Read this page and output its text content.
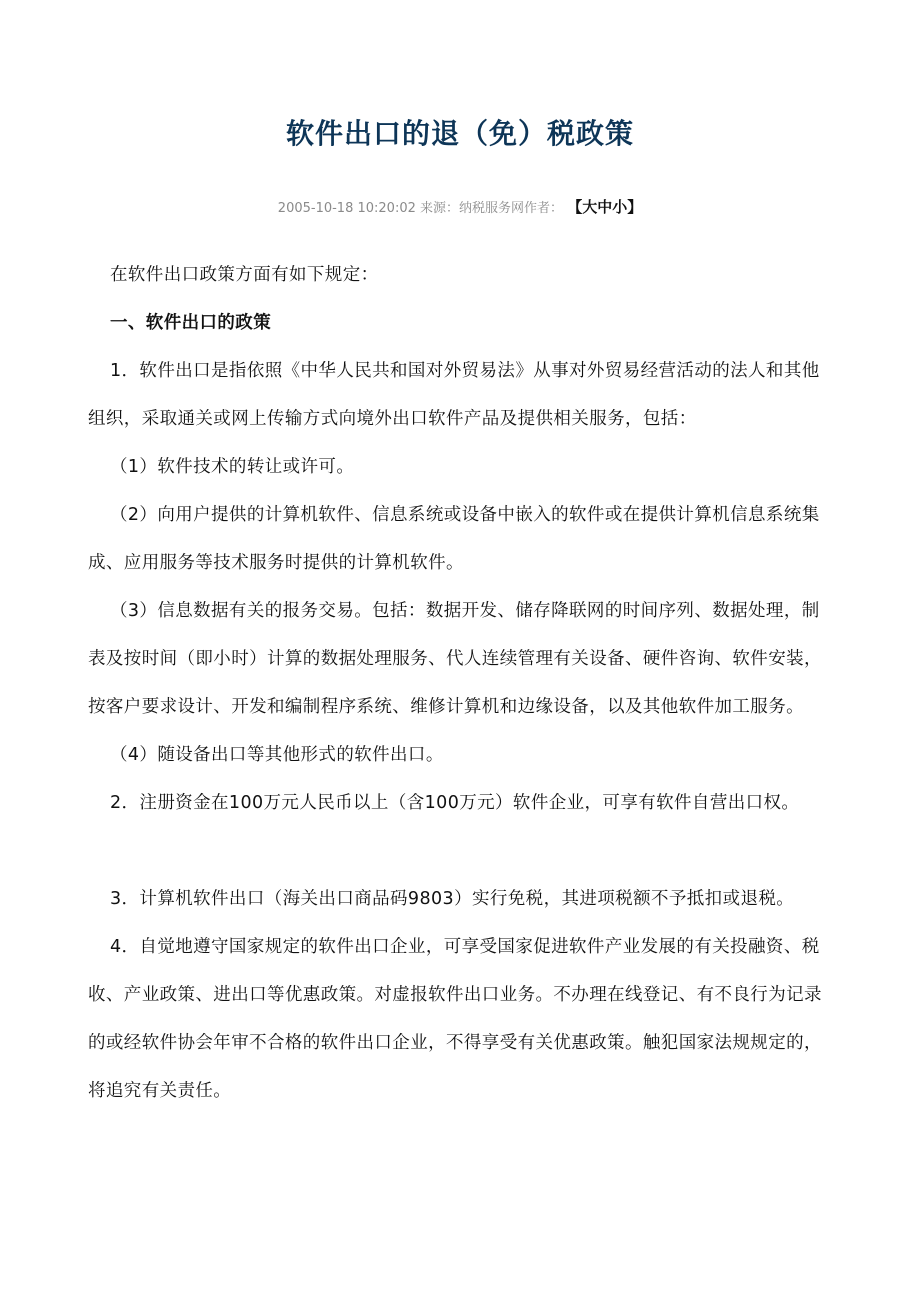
软件出口的退（免）税政策
2005-10-18 10:20:02 来源：纳税服务网作者： 【大中小】

在软件出口政策方面有如下规定：

一、软件出口的政策

1．软件出口是指依照《中华人民共和国对外贸易法》从事对外贸易经营活动的法人和其他组织，采取通关或网上传输方式向境外出口软件产品及提供相关服务，包括：

（1）软件技术的转让或许可。

（2）向用户提供的计算机软件、信息系统或设备中嵌入的软件或在提供计算机信息系统集成、应用服务等技术服务时提供的计算机软件。

（3）信息数据有关的报务交易。包括：数据开发、储存降联网的时间序列、数据处理，制表及按时间（即小时）计算的数据处理服务、代人连续管理有关设备、硬件咨询、软件安装，按客户要求设计、开发和编制程序系统、维修计算机和边缘设备，以及其他软件加工服务。

（4）随设备出口等其他形式的软件出口。

2．注册资金在100万元人民币以上（含100万元）软件企业，可享有软件自营出口权。

3．计算机软件出口（海关出口商品码9803）实行免税，其进项税额不予抵扣或退税。

4．自觉地遵守国家规定的软件出口企业，可享受国家促进软件产业发展的有关投融资、税收、产业政策、进出口等优惠政策。对虚报软件出口业务。不办理在线登记、有不良行为记录的或经软件协会年审不合格的软件出口企业，不得享受有关优惠政策。触犯国家法规规定的，将追究有关责任。
